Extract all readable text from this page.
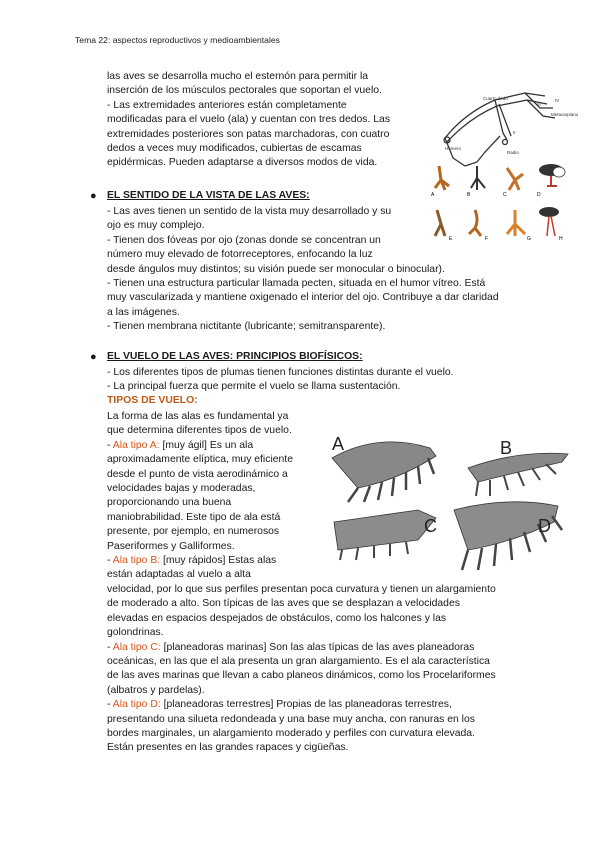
Tema 22: aspectos reproductivos y medioambientales
las aves se desarrolla mucho el esternón para permitir la
inserción de los músculos pectorales que soportan el vuelo.
- Las extremidades anteriores están completamente
modificadas para el vuelo (ala) y cuentan con tres dedos. Las
extremidades posteriores son patas marchadoras, con cuatro
dedos a veces muy modificados, cubiertas de escamas
epidérmicas. Pueden adaptarse a diversos modos de vida.
Cuarto dedo
Metacarpiano
Húmero
Radio
II
III
IV
A	B	C	D
E	F	G	H
● EL SENTIDO DE LA VISTA DE LAS AVES:
- Las aves tienen un sentido de la vista muy desarrollado y su
ojo es muy complejo.
- Tienen dos fóveas por ojo (zonas donde se concentran un
número muy elevado de fotorreceptores, enfocando la luz
desde ángulos muy distintos; su visión puede ser monocular o binocular).
- Tienen una estructura particular llamada pecten, situada en el humor vítreo. Está
muy vascularizada y mantiene oxigenado el interior del ojo. Contribuye a dar claridad
a las imágenes.
- Tienen membrana nictitante (lubricante; semitransparente).
● EL VUELO DE LAS AVES: PRINCIPIOS BIOFÍSICOS:
- Los diferentes tipos de plumas tienen funciones distintas durante el vuelo.
- La principal fuerza que permite el vuelo se llama sustentación.
TIPOS DE VUELO:
La forma de las alas es fundamental ya
que determina diferentes tipos de vuelo.
- Ala tipo A: [muy ágil] Es un ala
aproximadamente elíptica, muy eficiente
desde el punto de vista aerodinámico a
velocidades bajas y moderadas,
proporcionando una buena
maniobrabilidad. Este tipo de ala está
presente, por ejemplo, en numerosos
Paseriformes y Galliformes.
- Ala tipo B: [muy rápidos] Estas alas
están adaptadas al vuelo a alta
velocidad, por lo que sus perfiles presentan poca curvatura y tienen un alargamiento
de moderado a alto. Son típicas de las aves que se desplazan a velocidades
elevadas en espacios despejados de obstáculos, como los halcones y las
golondrinas.
- Ala tipo C: [planeadoras marinas] Son las alas típicas de las aves planeadoras
oceánicas, en las que el ala presenta un gran alargamiento. Es el ala característica
de las aves marinas que llevan a cabo planeos dinámicos, como los Procelariformes
(albatros y pardelas).
- Ala tipo D: [planeadoras terrestres] Propias de las planeadoras terrestres,
presentando una silueta redondeada y una base muy ancha, con ranuras en los
bordes marginales, un alargamiento moderado y perfiles con curvatura elevada.
Están presentes en las grandes rapaces y cigüeñas.
A	B
C	D
